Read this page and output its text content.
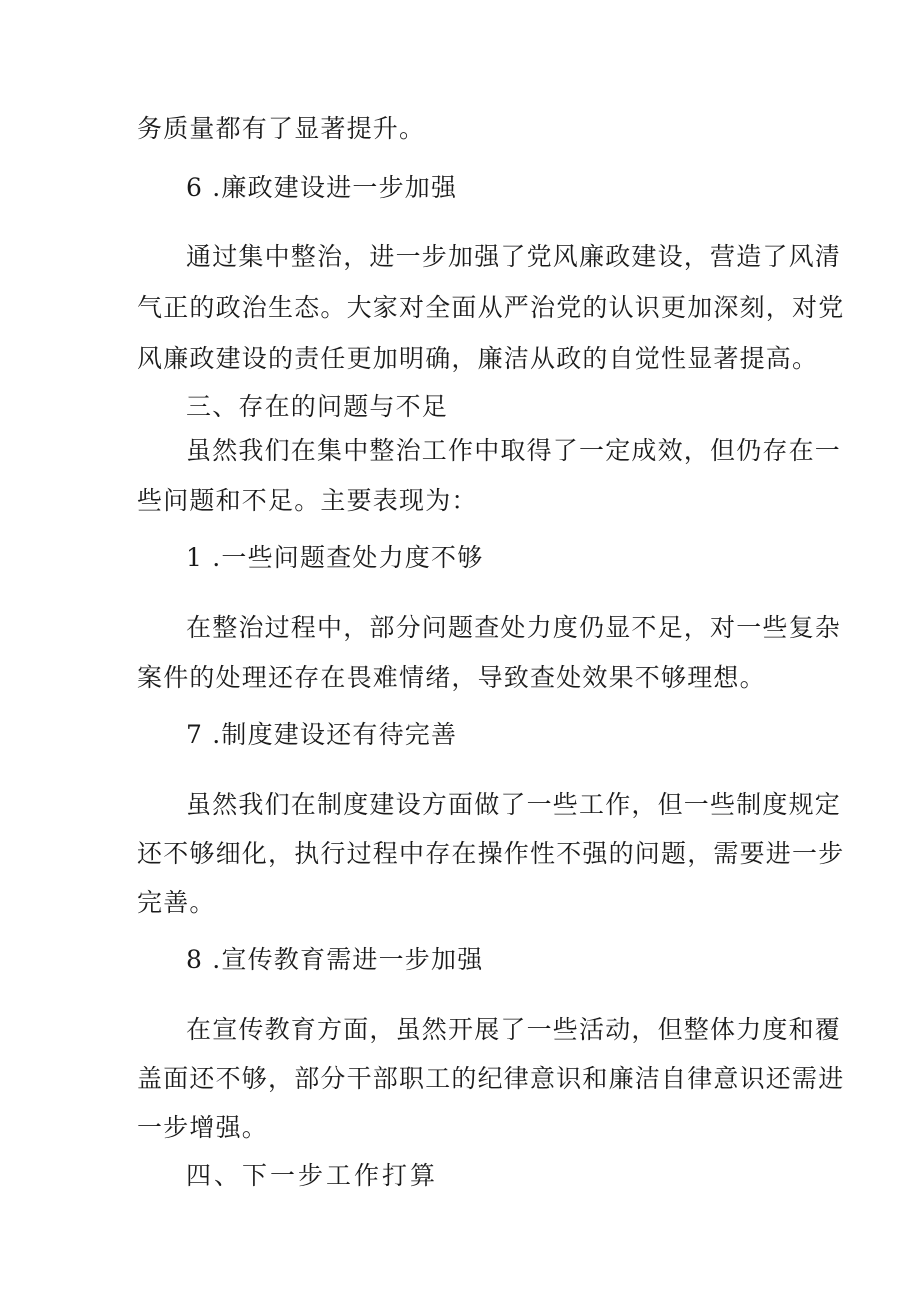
务质量都有了显著提升。
6 .廉政建设进一步加强
通过集中整治，进一步加强了党风廉政建设，营造了风清
气正的政治生态。大家对全面从严治党的认识更加深刻，对党
风廉政建设的责任更加明确，廉洁从政的自觉性显著提高。
三、存在的问题与不足
虽然我们在集中整治工作中取得了一定成效，但仍存在一
些问题和不足。主要表现为：
1 .一些问题查处力度不够
在整治过程中，部分问题查处力度仍显不足，对一些复杂
案件的处理还存在畏难情绪，导致查处效果不够理想。
7 .制度建设还有待完善
虽然我们在制度建设方面做了一些工作，但一些制度规定
还不够细化，执行过程中存在操作性不强的问题，需要进一步
完善。
8 .宣传教育需进一步加强
在宣传教育方面，虽然开展了一些活动，但整体力度和覆
盖面还不够，部分干部职工的纪律意识和廉洁自律意识还需进
一步增强。
四、下一步工作打算
